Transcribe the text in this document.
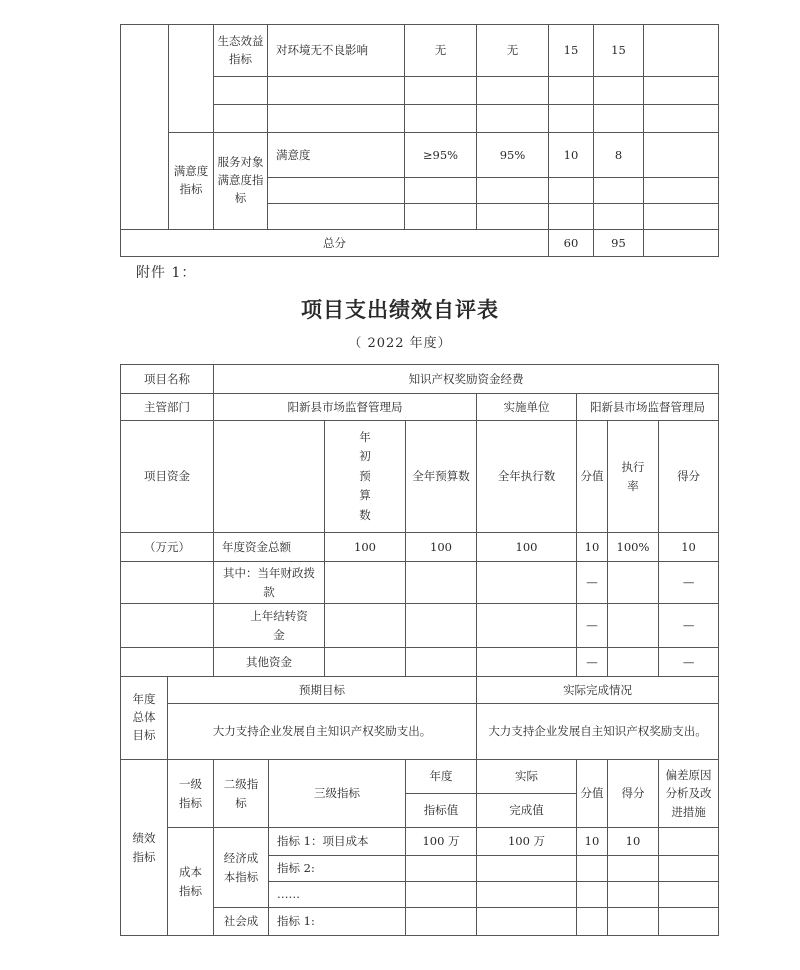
		生态效益指标	对环境无不良影响	无	无	15	15	

	满意度指标	服务对象满意度指标	满意度	≥95%	95%	10	8	

总分	60	95	
附件 1：
项目支出绩效自评表
（ 2022 年度）
项目名称		知识产权奖励资金经费							
主管部门		阳新县市场监督管理局				实施单位	阳新县市场监督管理局		
项目资金				年初预算数	全年预算数	全年执行数	分值	执行率	得分
（万元）		年度资金总额		100	100	100	10	100%	10
		其中：当年财政拨款					—		—
		上年结转资金					—		—
		其他资金					—		—
年度总体目标	预期目标					实际完成情况			
	大力支持企业发展自主知识产权奖励支出。					大力支持企业发展自主知识产权奖励支出。			
绩效指标	一级指标	二级指标	三级指标		年度	实际	分值	得分	偏差原因分析及改进措施
					指标值	完成值			
	成本指标	经济成本指标	指标 1：项目成本		100 万	100 万	10	10	
			指标 2:						
			……						
		社会成	指标 1:						
